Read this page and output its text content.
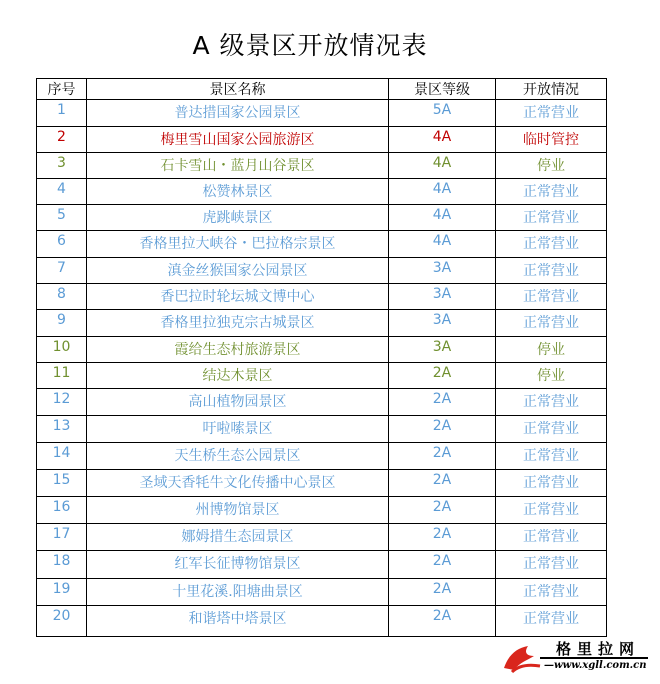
A 级景区开放情况表
序号	景区名称	景区等级	开放情况
1	普达措国家公园景区	5A	正常营业
2	梅里雪山国家公园旅游区	4A	临时管控
3	石卡雪山・蓝月山谷景区	4A	停业
4	松赞林景区	4A	正常营业
5	虎跳峡景区	4A	正常营业
6	香格里拉大峡谷・巴拉格宗景区	4A	正常营业
7	滇金丝猴国家公园景区	3A	正常营业
8	香巴拉时轮坛城文博中心	3A	正常营业
9	香格里拉独克宗古城景区	3A	正常营业
10	霞给生态村旅游景区	3A	停业
11	结达木景区	2A	停业
12	高山植物园景区	2A	正常营业
13	吁啦嗦景区	2A	正常营业
14	天生桥生态公园景区	2A	正常营业
15	圣域天香牦牛文化传播中心景区	2A	正常营业
16	州博物馆景区	2A	正常营业
17	娜姆措生态园景区	2A	正常营业
18	红军长征博物馆景区	2A	正常营业
19	十里花溪.阳塘曲景区	2A	正常营业
20	和谐塔中塔景区	2A	正常营业
格里拉网
—www.xgll.com.cn
